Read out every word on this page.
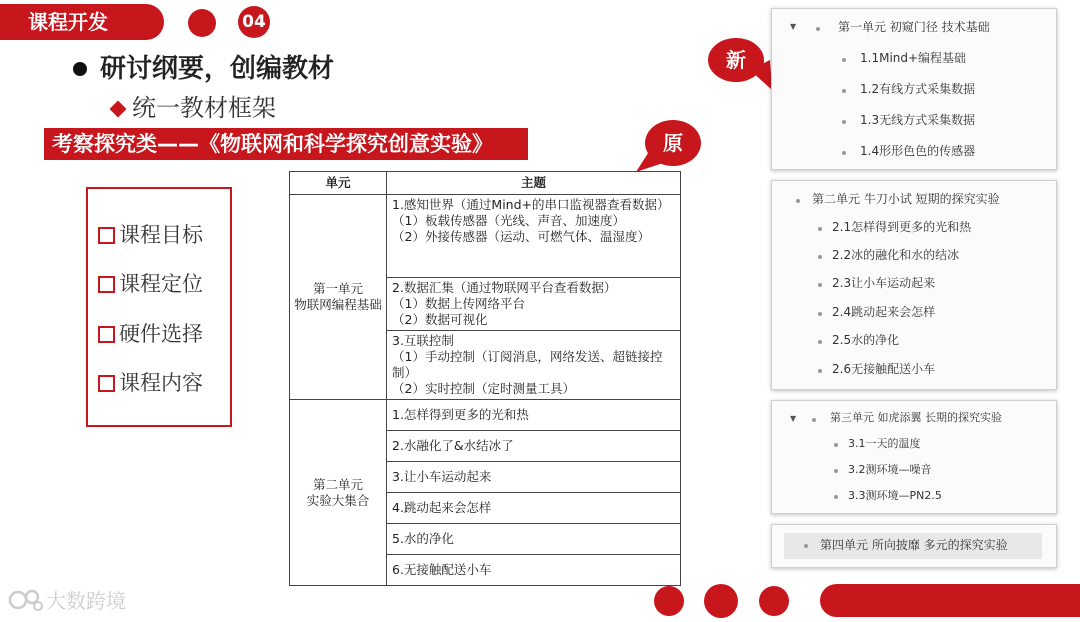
课程开发	04
研讨纲要，创编教材
统一教材框架
考察探究类——《物联网和科学探究创意实验》
课程目标
课程定位
硬件选择
课程内容
原
新
单元	主题
第一单元
物联网编程基础	1.感知世界（通过Mind+的串口监视器查看数据）
（1）板载传感器（光线、声音、加速度）
（2）外接传感器（运动、可燃气体、温湿度）
	2.数据汇集（通过物联网平台查看数据）
（1）数据上传网络平台
（2）数据可视化
	3.互联控制
（1）手动控制（订阅消息，网络发送、超链接控制）
（2）实时控制（定时测量工具）
第二单元
实验大集合	1.怎样得到更多的光和热
	2.水融化了&水结冰了
	3.让小车运动起来
	4.跳动起来会怎样
	5.水的净化
	6.无接触配送小车
▼	第一单元 初窥门径 技术基础
1.1Mind+编程基础
1.2有线方式采集数据
1.3无线方式采集数据
1.4形形色色的传感器
第二单元 牛刀小试 短期的探究实验
2.1怎样得到更多的光和热
2.2冰的融化和水的结冰
2.3让小车运动起来
2.4跳动起来会怎样
2.5水的净化
2.6无接触配送小车
▼	第三单元 如虎添翼 长期的探究实验
3.1一天的温度
3.2测环境—噪音
3.3测环境—PN2.5
第四单元 所向披靡 多元的探究实验
大数跨境
